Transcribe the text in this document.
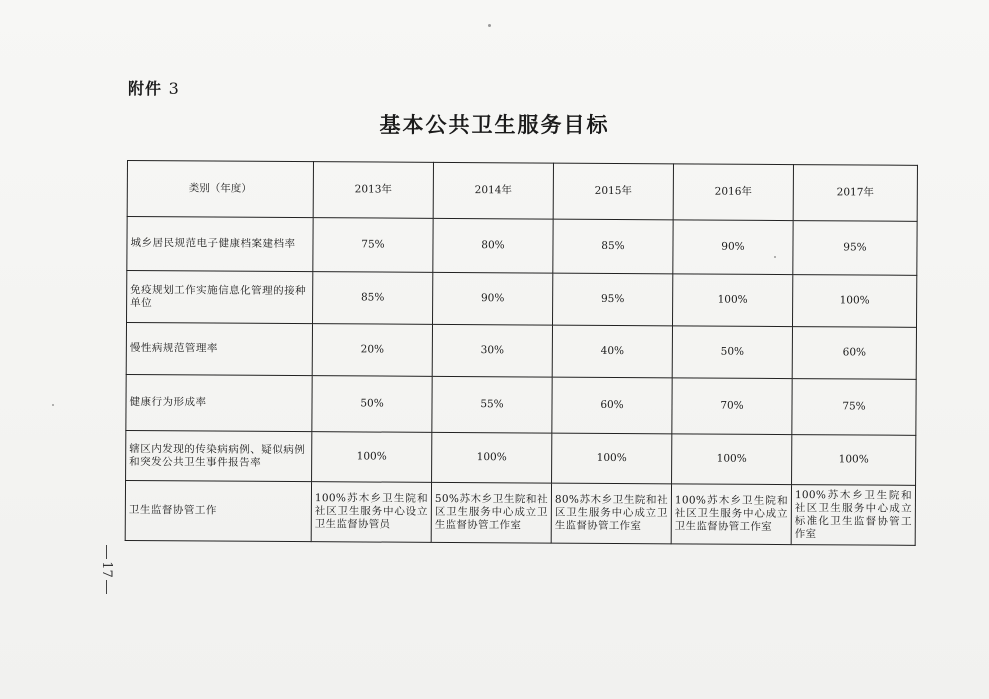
附件 3
基本公共卫生服务目标
类别（年度）	2013年	2014年	2015年	2016年	2017年
城乡居民规范电子健康档案建档率	75%	80%	85%	90%	95%
免疫规划工作实施信息化管理的接种单位	85%	90%	95%	100%	100%
慢性病规范管理率	20%	30%	40%	50%	60%
健康行为形成率	50%	55%	60%	70%	75%
辖区内发现的传染病病例、疑似病例和突发公共卫生事件报告率	100%	100%	100%	100%	100%
卫生监督协管工作	100%苏木乡卫生院和社区卫生服务中心设立卫生监督协管员	50%苏木乡卫生院和社区卫生服务中心成立卫生监督协管工作室	80%苏木乡卫生院和社区卫生服务中心成立卫生监督协管工作室	100%苏木乡卫生院和社区卫生服务中心成立卫生监督协管工作室	100%苏木乡卫生院和社区卫生服务中心成立标准化卫生监督协管工作室
17
